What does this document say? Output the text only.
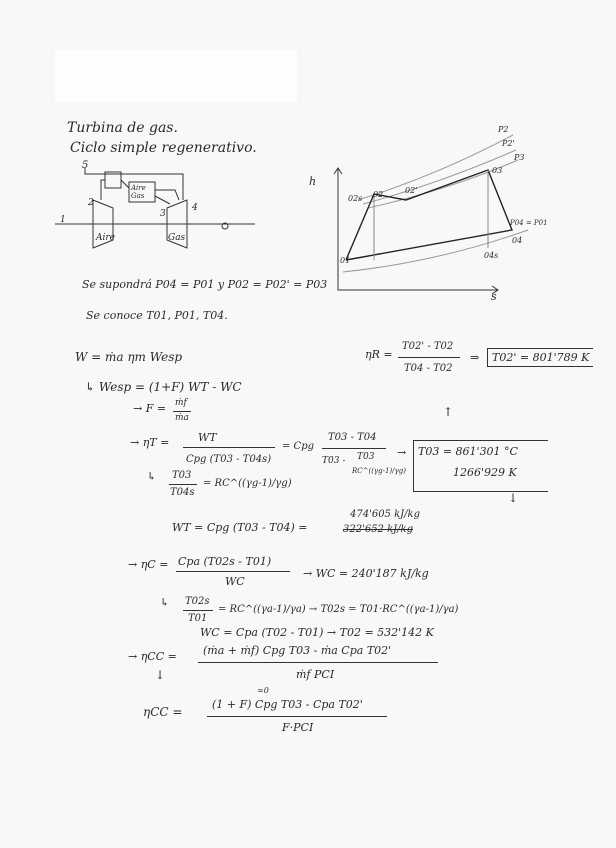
Turbina de gas.
Ciclo simple regenerativo.
5
2
3
4
1
Aire	Gas
Aire Gas
h
s
P2
P2'
P3
01
02s 02	02'
03
04
04s
P04 = P01
Se supondrá P04 = P01 y P02 = P02' = P03
Se conoce T01, P01, T04.
W = ṁa ηm Wesp
↳ Wesp = (1+F) WT - WC
ηR =
T02' - T02
T04 - T02
⇒	T02' = 801'789 K
→ F = ṁf
ṁa	↑
→ ηT =	WT
Cpg (T03 - T04s)
= Cpg
T03 - T04
T03 - T03
RC^((γg-1)/γg)
→ T03 = 861'301 °C
1266'929 K
↓
↳ T03
T04s
= RC^((γg-1)/γg)
WT = Cpg (T03 - T04) =
474'605 kJ/kg
322'652 kJ/kg
→ ηC = Cpa (T02s - T01)
WC
→ WC = 240'187 kJ/kg
↳ T02s
T01
= RC^((γa-1)/γa) → T02s = T01·RC^((γa-1)/γa)
WC = Cpa (T02 - T01) → T02 = 532'142 K
→ ηCC = (ṁa + ṁf) Cpg T03 - ṁa Cpa T02'
ṁf PCI
↓
ηCC =
≈0
(1 + F) Cpg T03 - Cpa T02'
F·PCI
